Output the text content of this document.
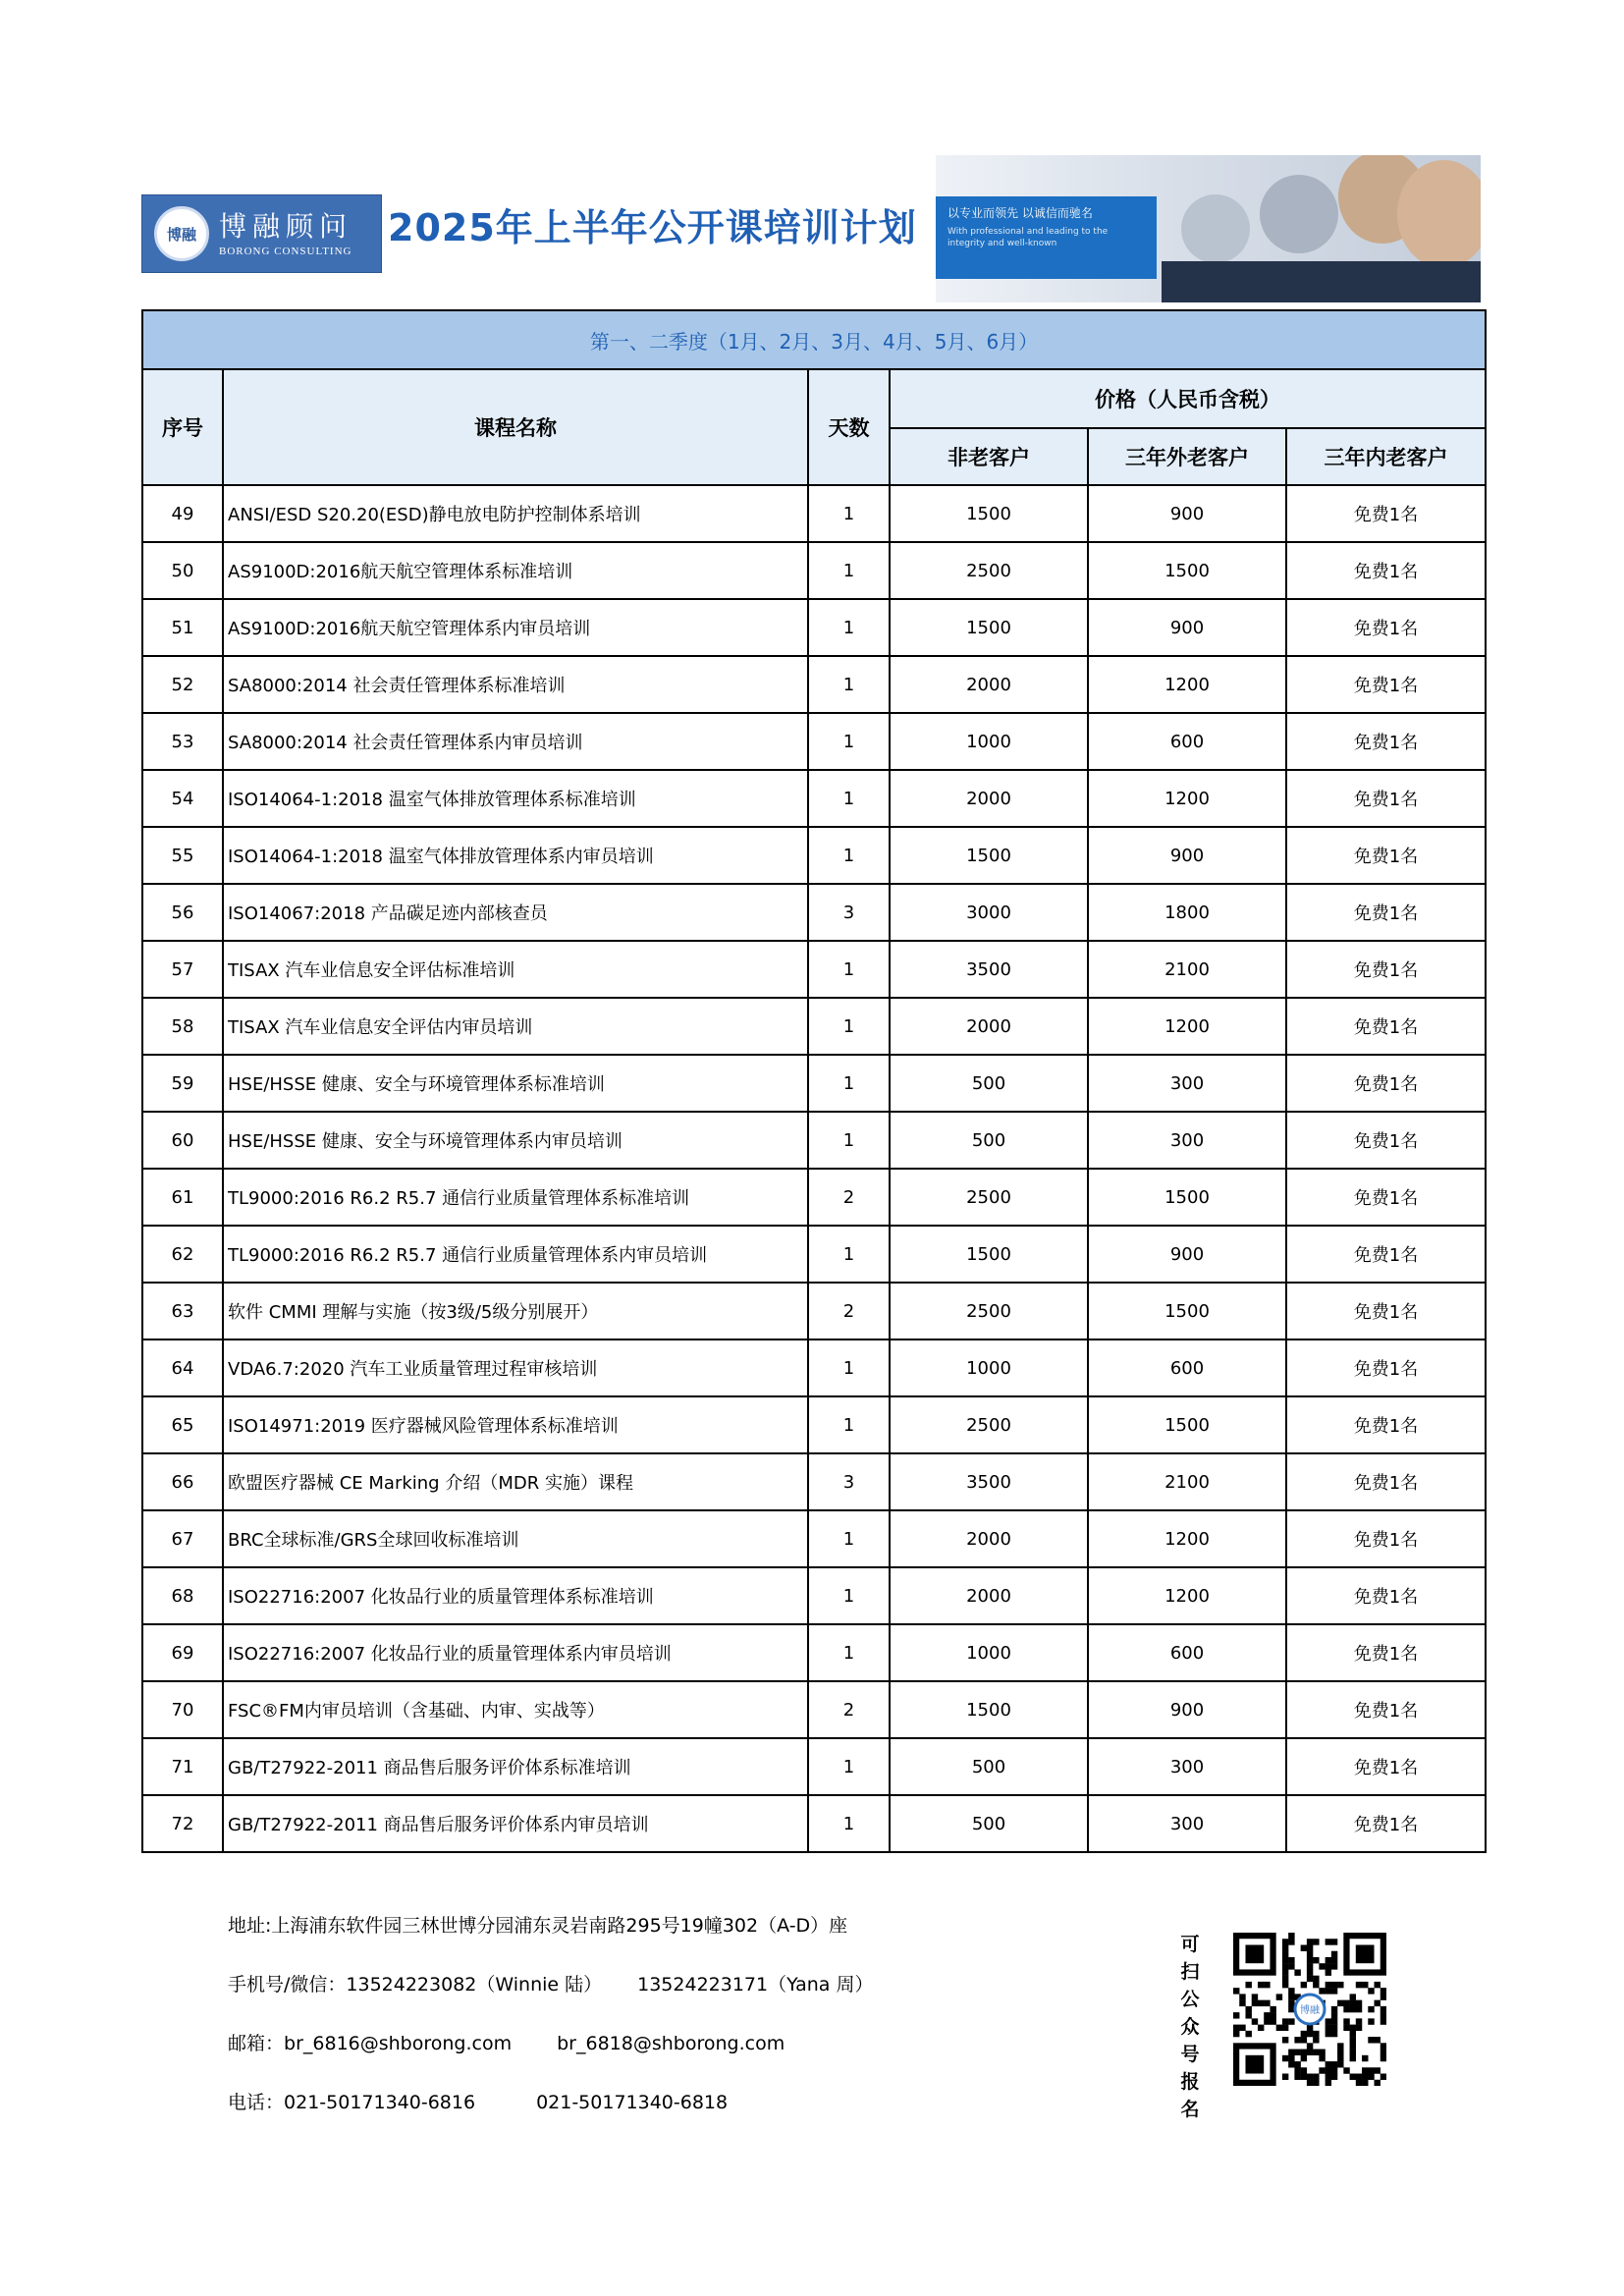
博融 博融顾问
BORONG CONSULTING
2025年上半年公开课培训计划	以专业而领先 以诚信而驰名
With professional and leading to the integrity and well-known
第一、二季度（1月、2月、3月、4月、5月、6月）					
序号	课程名称	天数	价格（人民币含税）		
			非老客户	三年外老客户	三年内老客户
49	ANSI/ESD S20.20(ESD)静电放电防护控制体系培训	1	1500	900	免费1名
50	AS9100D:2016航天航空管理体系标准培训	1	2500	1500	免费1名
51	AS9100D:2016航天航空管理体系内审员培训	1	1500	900	免费1名
52	SA8000:2014 社会责任管理体系标准培训	1	2000	1200	免费1名
53	SA8000:2014 社会责任管理体系内审员培训	1	1000	600	免费1名
54	ISO14064-1:2018 温室气体排放管理体系标准培训	1	2000	1200	免费1名
55	ISO14064-1:2018 温室气体排放管理体系内审员培训	1	1500	900	免费1名
56	ISO14067:2018 产品碳足迹内部核查员	3	3000	1800	免费1名
57	TISAX 汽车业信息安全评估标准培训	1	3500	2100	免费1名
58	TISAX 汽车业信息安全评估内审员培训	1	2000	1200	免费1名
59	HSE/HSSE 健康、安全与环境管理体系标准培训	1	500	300	免费1名
60	HSE/HSSE 健康、安全与环境管理体系内审员培训	1	500	300	免费1名
61	TL9000:2016 R6.2 R5.7 通信行业质量管理体系标准培训	2	2500	1500	免费1名
62	TL9000:2016 R6.2 R5.7 通信行业质量管理体系内审员培训	1	1500	900	免费1名
63	软件 CMMI 理解与实施（按3级/5级分别展开）	2	2500	1500	免费1名
64	VDA6.7:2020 汽车工业质量管理过程审核培训	1	1000	600	免费1名
65	ISO14971:2019 医疗器械风险管理体系标准培训	1	2500	1500	免费1名
66	欧盟医疗器械 CE Marking 介绍（MDR 实施）课程	3	3500	2100	免费1名
67	BRC全球标准/GRS全球回收标准培训	1	2000	1200	免费1名
68	ISO22716:2007 化妆品行业的质量管理体系标准培训	1	2000	1200	免费1名
69	ISO22716:2007 化妆品行业的质量管理体系内审员培训	1	1000	600	免费1名
70	FSC®FM内审员培训（含基础、内审、实战等）	2	1500	900	免费1名
71	GB/T27922-2011 商品售后服务评价体系标准培训	1	500	300	免费1名
72	GB/T27922-2011 商品售后服务评价体系内审员培训	1	500	300	免费1名
地址:上海浦东软件园三林世博分园浦东灵岩南路295号19幢302（A-D）座
手机号/微信：13524223082（Winnie 陆） 13524223171（Yana 周）
邮箱：br_6816@shborong.com br_6818@shborong.com
电话：021-50171340-6816	021-50171340-6818
可
扫
公
众
号
报
名
博融
